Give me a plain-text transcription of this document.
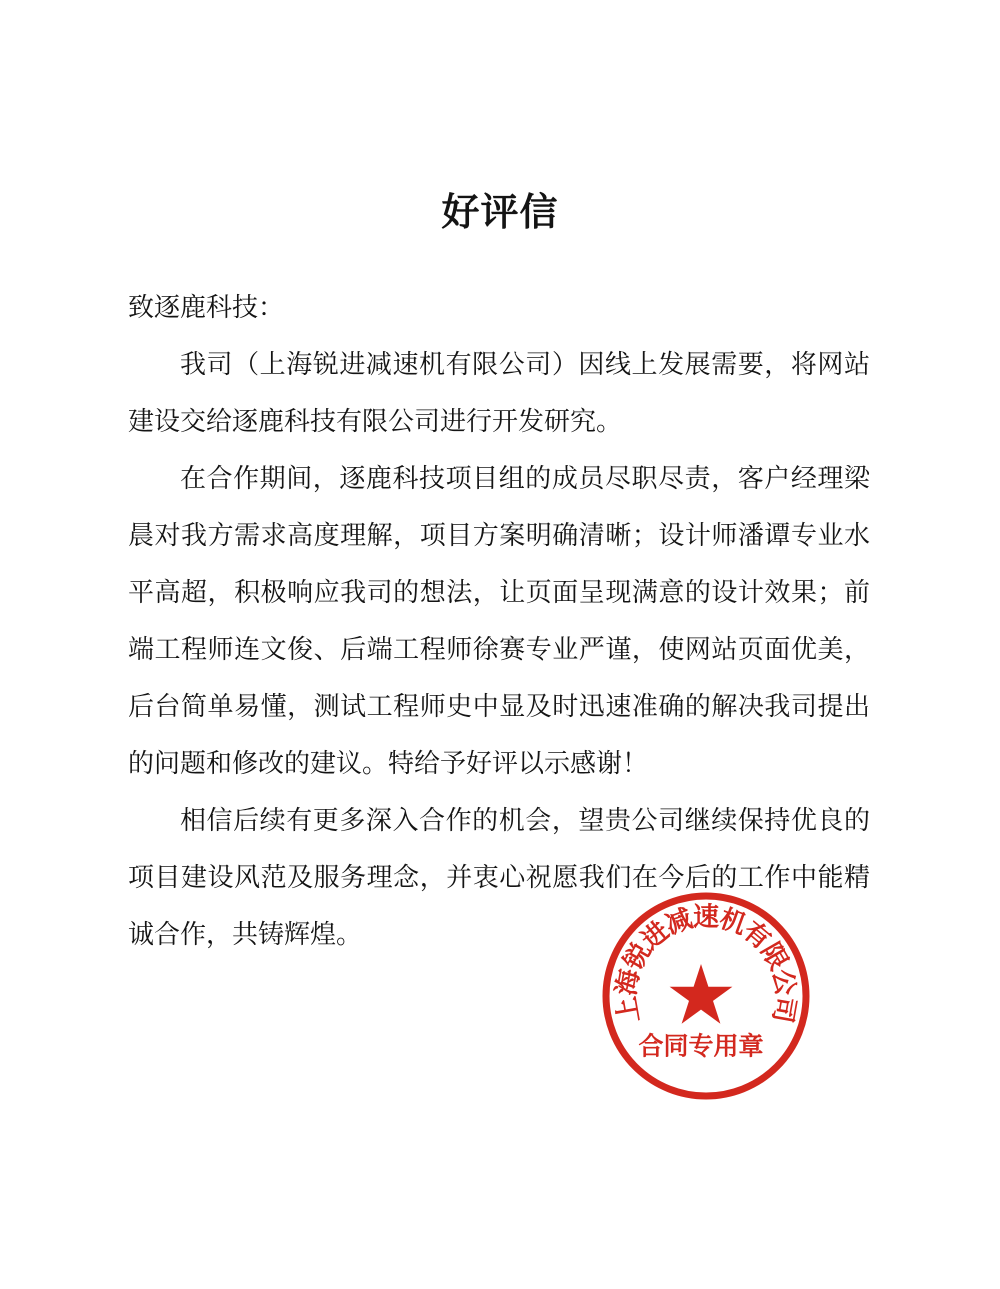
好评信

致逐鹿科技：

我司（上海锐进减速机有限公司）因线上发展需要，将网站建设交给逐鹿科技有限公司进行开发研究。

在合作期间，逐鹿科技项目组的成员尽职尽责，客户经理梁晨对我方需求高度理解，项目方案明确清晰；设计师潘谭专业水平高超，积极响应我司的想法，让页面呈现满意的设计效果；前端工程师连文俊、后端工程师徐赛专业严谨，使网站页面优美，后台简单易懂，测试工程师史中显及时迅速准确的解决我司提出的问题和修改的建议。特给予好评以示感谢！

相信后续有更多深入合作的机会，望贵公司继续保持优良的项目建设风范及服务理念，并衷心祝愿我们在今后的工作中能精诚合作，共铸辉煌。

上
海
锐
进
减
速
机
有
限
公
司
合同专用章
